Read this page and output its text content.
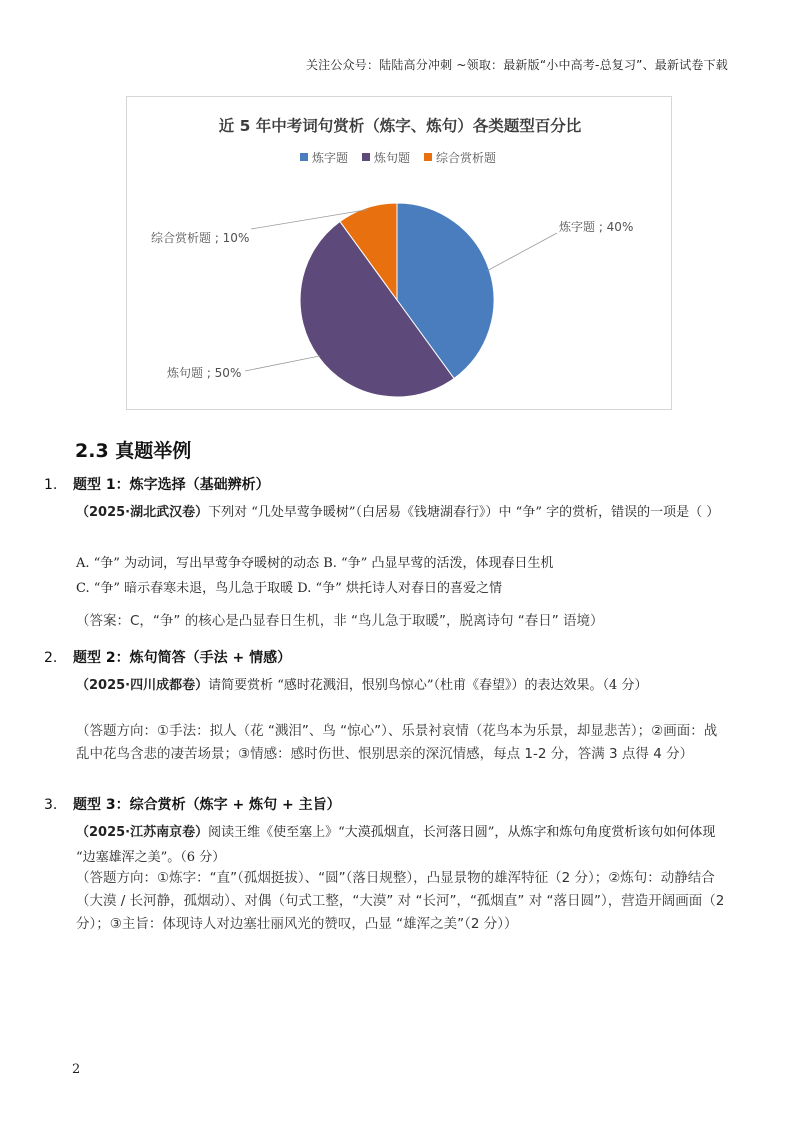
关注公众号：陆陆高分冲刺 ~领取：最新版“小中高考-总复习”、最新试卷下载
近 5 年中考词句赏析（炼字、炼句）各类题型百分比
炼字题 炼句题 综合赏析题
炼字题 ; 40%
炼句题 ; 50%
综合赏析题 ; 10%
2.3 真题举例
1. 题型 1：炼字选择（基础辨析）
（2025·湖北武汉卷）下列对 “几处早莺争暖树”（白居易《钱塘湖春行》）中 “争” 字的赏析，错误的一项是（ ）
A. “争” 为动词，写出早莺争夺暖树的动态 B. “争” 凸显早莺的活泼，体现春日生机
C. “争” 暗示春寒未退，鸟儿急于取暖 D. “争” 烘托诗人对春日的喜爱之情
（答案：C，“争” 的核心是凸显春日生机，非 “鸟儿急于取暖”，脱离诗句 “春日” 语境）
2. 题型 2：炼句简答（手法 + 情感）
（2025·四川成都卷）请简要赏析 “感时花溅泪，恨别鸟惊心”（杜甫《春望》）的表达效果。（4 分）
（答题方向：①手法：拟人（花 “溅泪”、鸟 “惊心”）、乐景衬哀情（花鸟本为乐景，却显悲苦）；②画面：战乱中花鸟含悲的凄苦场景；③情感：感时伤世、恨别思亲的深沉情感，每点 1-2 分，答满 3 点得 4 分）
3. 题型 3：综合赏析（炼字 + 炼句 + 主旨）
（2025·江苏南京卷）阅读王维《使至塞上》“大漠孤烟直，长河落日圆”，从炼字和炼句角度赏析该句如何体现 “边塞雄浑之美”。（6 分）
（答题方向：①炼字：“直”（孤烟挺拔）、“圆”（落日规整），凸显景物的雄浑特征（2 分）；②炼句：动静结合（大漠 / 长河静，孤烟动）、对偶（句式工整，“大漠” 对 “长河”，“孤烟直” 对 “落日圆”），营造开阔画面（2 分）；③主旨：体现诗人对边塞壮丽风光的赞叹，凸显 “雄浑之美”（2 分））
2
